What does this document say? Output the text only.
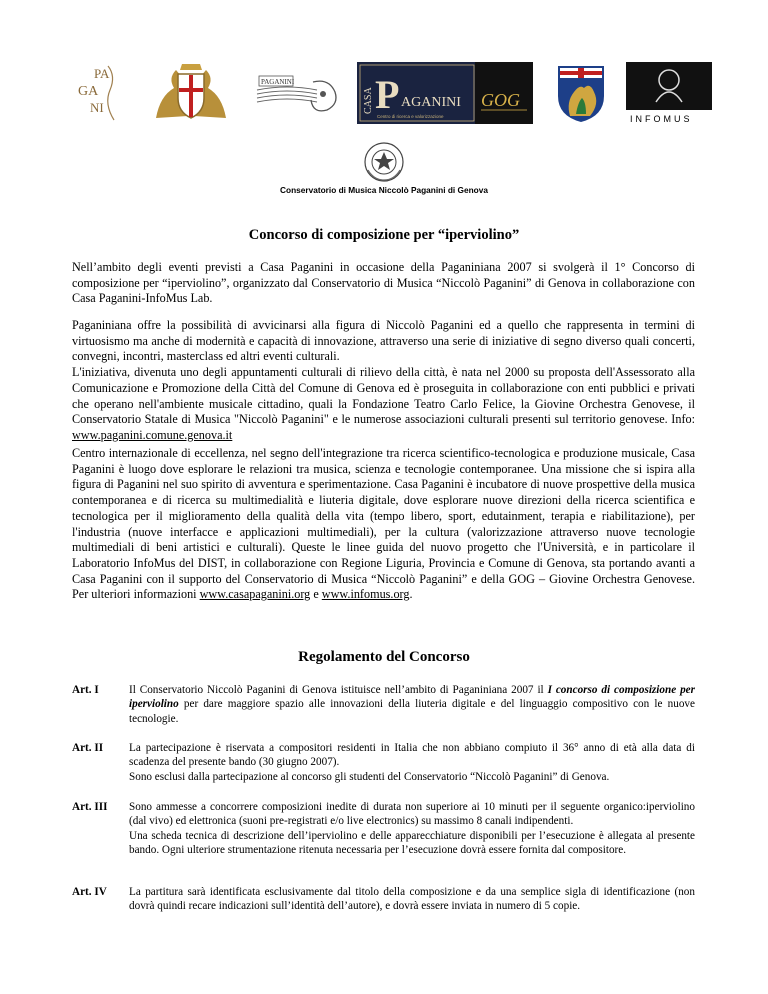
PA
GA
NI
PAGANINI
CASA P AGANINI
Centro di ricerca e valorizzazione
GOG
INFOMUS
Conservatorio di Musica Niccolò Paganini di Genova
Concorso di composizione per “iperviolino”

Nell’ambito degli eventi previsti a Casa Paganini in occasione della Paganiniana 2007 si svolgerà il 1° Concorso di composizione per “iperviolino”, organizzato dal Conservatorio di Musica “Niccolò Paganini” di Genova in collaborazione con Casa Paganini-InfoMus Lab.

Paganiniana offre la possibilità di avvicinarsi alla figura di Niccolò Paganini ed a quello che rappresenta in termini di virtuosismo ma anche di modernità e capacità di innovazione, attraverso una serie di iniziative di segno diverso quali concerti, convegni, incontri, masterclass ed altri eventi culturali.
L'iniziativa, divenuta uno degli appuntamenti culturali di rilievo della città, è nata nel 2000 su proposta dell'Assessorato alla Comunicazione e Promozione della Città del Comune di Genova ed è proseguita in collaborazione con enti pubblici e privati che operano nell'ambiente musicale cittadino, quali la Fondazione Teatro Carlo Felice, la Giovine Orchestra Genovese, il Conservatorio Statale di Musica "Niccolò Paganini" e le numerose associazioni culturali presenti sul territorio genovese. Info: www.paganini.comune.genova.it

Centro internazionale di eccellenza, nel segno dell'integrazione tra ricerca scientifico-tecnologica e produzione musicale, Casa Paganini è luogo dove esplorare le relazioni tra musica, scienza e tecnologie contemporanee. Una missione che si ispira alla figura di Paganini nel suo spirito di avventura e sperimentazione. Casa Paganini è incubatore di nuove prospettive della musica contemporanea e di ricerca su multimedialità e liuteria digitale, dove esplorare nuove direzioni della ricerca scientifica e tecnologica per il miglioramento della qualità della vita (tempo libero, sport, edutainment, terapia e riabilitazione), per l'industria (nuove interfacce e applicazioni multimediali), per la cultura (valorizzazione attraverso nuove tecnologie multimediali di beni artistici e culturali). Queste le linee guida del nuovo progetto che l'Università, e in particolare il Laboratorio InfoMus del DIST, in collaborazione con Regione Liguria, Provincia e Comune di Genova, sta portando avanti a Casa Paganini con il supporto del Conservatorio di Musica “Niccolò Paganini” e della GOG – Giovine Orchestra Genovese. Per ulteriori informazioni www.casapaganini.org e www.infomus.org.

Regolamento del Concorso
Art. I	Il Conservatorio Niccolò Paganini di Genova istituisce nell’ambito di Paganiniana 2007 il I concorso di composizione per iperviolino per dare maggiore spazio alle innovazioni della liuteria digitale e del linguaggio compositivo con le nuove tecnologie.
Art. II La partecipazione è riservata a compositori residenti in Italia che non abbiano compiuto il 36° anno di età alla data di scadenza del presente bando (30 giugno 2007).
Sono esclusi dalla partecipazione al concorso gli studenti del Conservatorio “Niccolò Paganini” di Genova.
Art. III Sono ammesse a concorrere composizioni inedite di durata non superiore ai 10 minuti per il seguente organico:iperviolino (dal vivo) ed elettronica (suoni pre-registrati e/o live electronics) su massimo 8 canali indipendenti.
Una scheda tecnica di descrizione dell’iperviolino e delle apparecchiature disponibili per l’esecuzione è allegata al presente bando. Ogni ulteriore strumentazione ritenuta necessaria per l’esecuzione dovrà essere fornita dal compositore.
Art. IV La partitura sarà identificata esclusivamente dal titolo della composizione e da una semplice sigla di identificazione (non dovrà quindi recare indicazioni sull’identità dell’autore), e dovrà essere inviata in numero di 5 copie.
